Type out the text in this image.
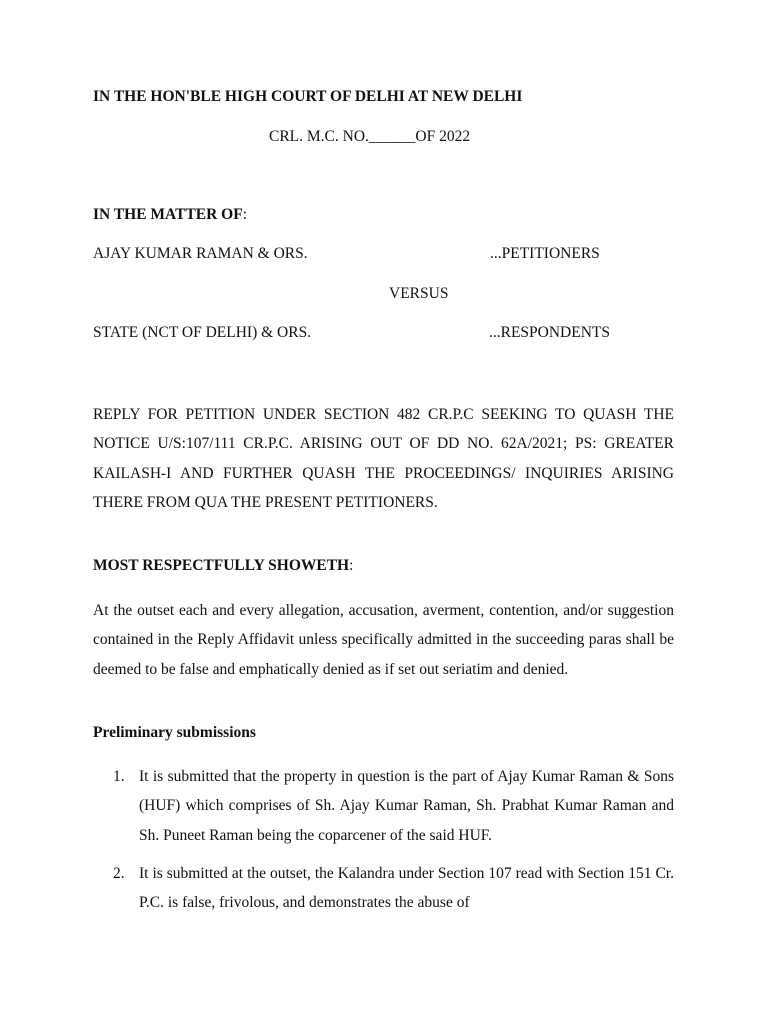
IN THE HON'BLE HIGH COURT OF DELHI AT NEW DELHI
CRL. M.C. NO.______OF 2022
IN THE MATTER OF:
AJAY KUMAR RAMAN & ORS.	...PETITIONERS
VERSUS
STATE (NCT OF DELHI) & ORS.	...RESPONDENTS
REPLY FOR PETITION UNDER SECTION 482 CR.P.C SEEKING TO QUASH THE NOTICE U/S:107/111 CR.P.C. ARISING OUT OF DD NO. 62A/2021; PS: GREATER KAILASH-I AND FURTHER QUASH THE PROCEEDINGS/ INQUIRIES ARISING THERE FROM QUA THE PRESENT PETITIONERS.
MOST RESPECTFULLY SHOWETH:
At the outset each and every allegation, accusation, averment, contention, and/or suggestion contained in the Reply Affidavit unless specifically admitted in the succeeding paras shall be deemed to be false and emphatically denied as if set out seriatim and denied.
Preliminary submissions
1. It is submitted that the property in question is the part of Ajay Kumar Raman & Sons (HUF) which comprises of Sh. Ajay Kumar Raman, Sh. Prabhat Kumar Raman and Sh. Puneet Raman being the coparcener of the said HUF.
2. It is submitted at the outset, the Kalandra under Section 107 read with Section 151 Cr. P.C. is false, frivolous, and demonstrates the abuse of
